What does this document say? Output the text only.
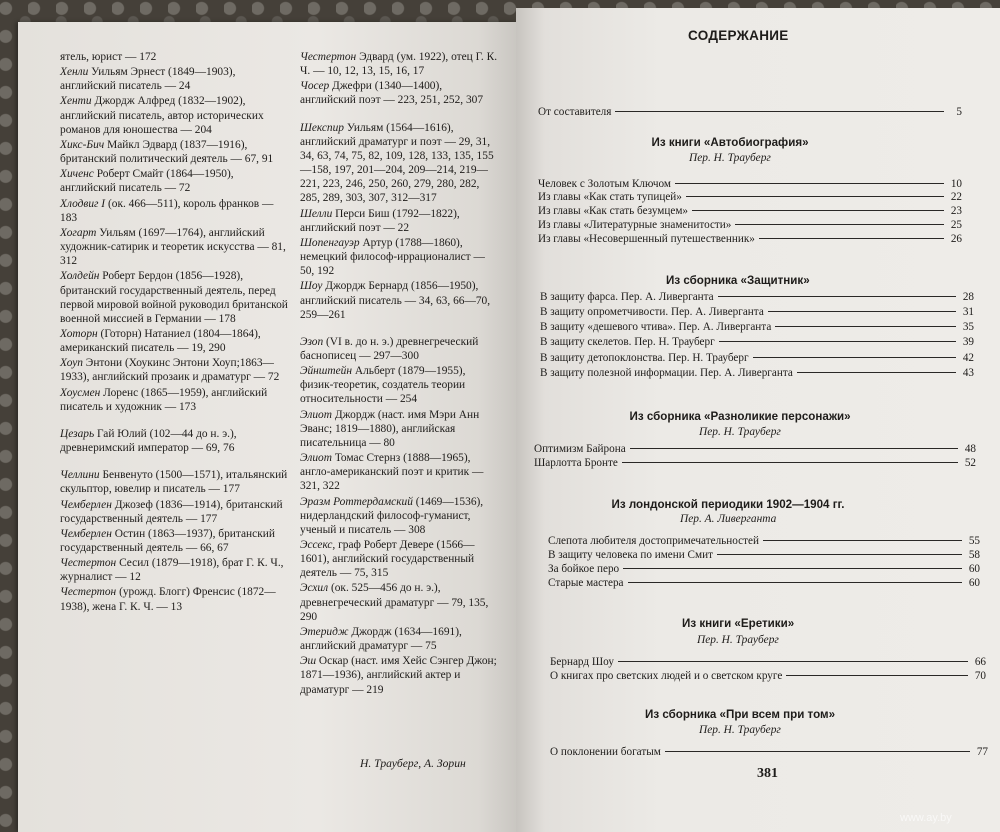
ятель, юрист — 172
Хенли Уильям Эрнест (1849—1903), английский писатель — 24
Хенти Джордж Алфред (1832—1902), английский писатель, автор исторических романов для юношества — 204
Хикс-Бич Майкл Эдвард (1837—1916), британский политический деятель — 67, 91
Хиченс Роберт Смайт (1864—1950), английский писатель — 72
Хлодвиг I (ок. 466—511), король франков — 183
Хогарт Уильям (1697—1764), английский художник-сатирик и теоретик искусства — 81, 312
Холдейн Роберт Бердон (1856—1928), британский государственный деятель, перед первой мировой войной руководил британской военной миссией в Германии — 178
Хоторн (Готорн) Натаниел (1804—1864), американский писатель — 19, 290
Хоуп Энтони (Хоукинс Энтони Хоуп;1863—1933), английский прозаик и драматург — 72
Хоусмен Лоренс (1865—1959), английский писатель и художник — 173
Цезарь Гай Юлий (102—44 до н. э.), древнеримский император — 69, 76
Челлини Бенвенуто (1500—1571), итальянский скульптор, ювелир и писатель — 177
Чемберлен Джозеф (1836—1914), британский государственный деятель — 177
Чемберлен Остин (1863—1937), британский государственный деятель — 66, 67
Честертон Сесил (1879—1918), брат Г. К. Ч., журналист — 12
Честертон (урожд. Блогг) Френсис (1872—1938), жена Г. К. Ч. — 13
Честертон Эдвард (ум. 1922), отец Г. К. Ч. — 10, 12, 13, 15, 16, 17
Чосер Джефри (1340—1400), английский поэт — 223, 251, 252, 307
Шекспир Уильям (1564—1616), английский драматург и поэт — 29, 31, 34, 63, 74, 75, 82, 109, 128, 133, 135, 155—158, 197, 201—204, 209—214, 219—221, 223, 246, 250, 260, 279, 280, 282, 285, 289, 303, 307, 312—317
Шелли Перси Биш (1792—1822), английский поэт — 22
Шопенгауэр Артур (1788—1860), немецкий философ-иррационалист — 50, 192
Шоу Джордж Бернард (1856—1950), английский писатель — 34, 63, 66—70, 259—261
Эзоп (VI в. до н. э.) древнегреческий баснописец — 297—300
Эйнштейн Альберт (1879—1955), физик-теоретик, создатель теории относительности — 254
Элиот Джордж (наст. имя Мэри Анн Эванс; 1819—1880), английская писательница — 80
Элиот Томас Стернз (1888—1965), англо-американский поэт и критик — 321, 322
Эразм Роттердамский (1469—1536), нидерландский философ-гуманист, ученый и писатель — 308
Эссекс, граф Роберт Девере (1566—1601), английский государственный деятель — 75, 315
Эсхил (ок. 525—456 до н. э.), древнегреческий драматург — 79, 135, 290
Этеридж Джордж (1634—1691), английский драматург — 75
Эш Оскар (наст. имя Хейс Сэнгер Джон; 1871—1936), английский актер и драматург — 219
Н. Трауберг, А. Зорин
СОДЕРЖАНИЕ
381
От составителя	5
Из книги «Автобиография»
Пер. Н. Трауберг
Человек с Золотым Ключом	10
Из главы «Как стать тупицей»	22
Из главы «Как стать безумцем»	23
Из главы «Литературные знаменитости»	25
Из главы «Несовершенный путешественник»	26
Из сборника «Защитник»
В защиту фарса. Пер. А. Ливерганта	28
В защиту опрометчивости. Пер. А. Ливерганта	31
В защиту «дешевого чтива». Пер. А. Ливерганта	35
В защиту скелетов. Пер. Н. Трауберг	39
В защиту детопоклонства. Пер. Н. Трауберг	42
В защиту полезной информации. Пер. А. Ливерганта	43
Из сборника «Разноликие персонажи»
Пер. Н. Трауберг
Оптимизм Байрона	48
Шарлотта Бронте	52
Из лондонской периодики 1902—1904 гг.
Пер. А. Ливерганта
Слепота любителя достопримечательностей	55
В защиту человека по имени Смит	58
За бойкое перо	60
Старые мастера	60
Из книги «Еретики»
Пер. Н. Трауберг
Бернард Шоу	66
О книгах про светских людей и о светском круге	70
Из сборника «При всем при том»
Пер. Н. Трауберг
О поклонении богатым	77
www.ay.by
